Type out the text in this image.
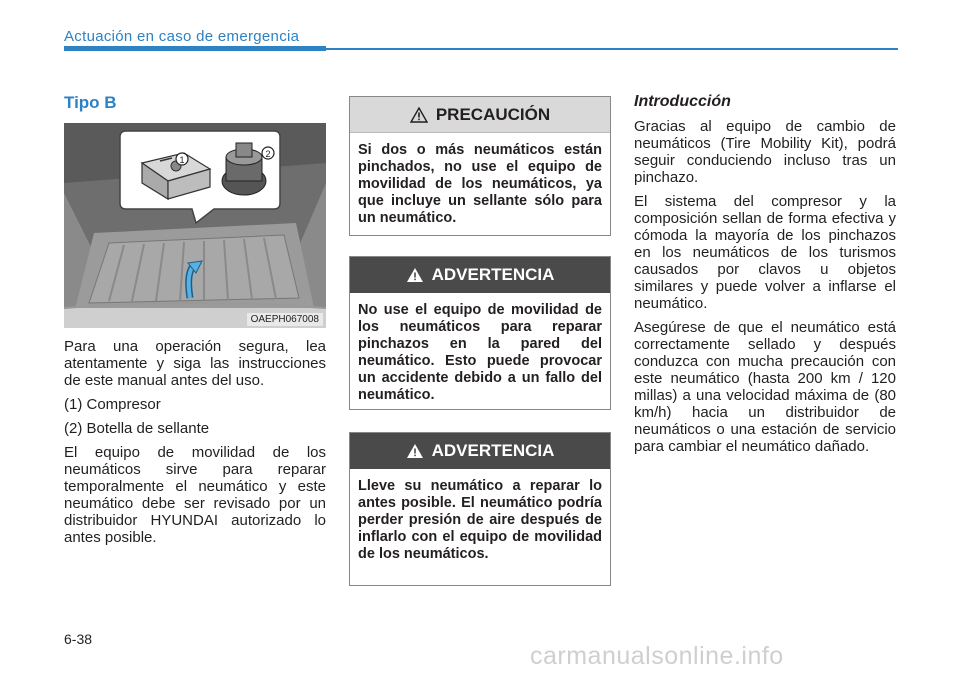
Actuación en caso de emergencia
Tipo B
1
2
OAEPH067008

Para una operación segura, lea atentamente y siga las instrucciones de este manual antes del uso.

(1) Compresor

(2) Botella de sellante

El equipo de movilidad de los neumáticos sirve para reparar temporalmente el neumático y este neumático debe ser revisado por un distribuidor HYUNDAI autorizado lo antes posible.

PRECAUCIÓN
Si dos o más neumáticos están pinchados, no use el equipo de movilidad de los neumáticos, ya que incluye un sellante sólo para un neumático.
ADVERTENCIA
No use el equipo de movilidad de los neumáticos para reparar pinchazos en la pared del neumático. Esto puede provocar un accidente debido a un fallo del neumático.
ADVERTENCIA
Lleve su neumático a reparar lo antes posible. El neumático podría perder presión de aire después de inflarlo con el equipo de movilidad de los neumáticos.
Introducción

Gracias al equipo de cambio de neumáticos (Tire Mobility Kit), podrá seguir conduciendo incluso tras un pinchazo.

El sistema del compresor y la composición sellan de forma efectiva y cómoda la mayoría de los pinchazos en los neumáticos de los turismos causados por clavos u objetos similares y puede volver a inflarse el neumático.

Asegúrese de que el neumático está correctamente sellado y después conduzca con mucha precaución con este neumático (hasta 200 km / 120 millas) a una velocidad máxima de (80 km/h) hacia un distribuidor de neumáticos o una estación de servicio para cambiar el neumático dañado.

6-38
carmanualsonline.info
